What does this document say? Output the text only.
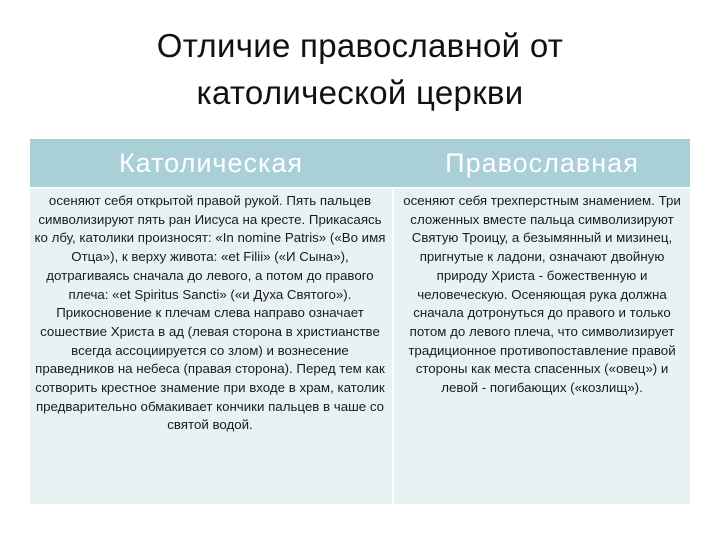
Отличие православной от
католической церкви
Католическая	Православная
осеняют себя открытой правой рукой. Пять пальцев символизируют пять ран Иисуса на кресте. Прикасаясь ко лбу, католики произносят: «In nomine Patris» («Во имя Отца»), к верху живота: «et Filii» («И Сына»), дотрагиваясь сначала до левого, а потом до правого плеча: «et Spiritus Sancti» («и Духа Святого»). Прикосновение к плечам слева направо означает сошествие Христа в ад (левая сторона в христианстве всегда ассоциируется со злом) и вознесение праведников на небеса (правая сторона). Перед тем как сотворить крестное знамение при входе в храм, католик предварительно обмакивает кончики пальцев в чаше со святой водой.
осеняют себя трехперстным знамением. Три сложенных вместе пальца символизируют Святую Троицу, а безымянный и мизинец, пригнутые к ладони, означают двойную природу Христа - божественную и человеческую. Осеняющая рука должна сначала дотронуться до правого и только потом до левого плеча, что символизирует традиционное противопоставление правой стороны как места спасенных («овец») и левой - погибающих («козлищ»).
